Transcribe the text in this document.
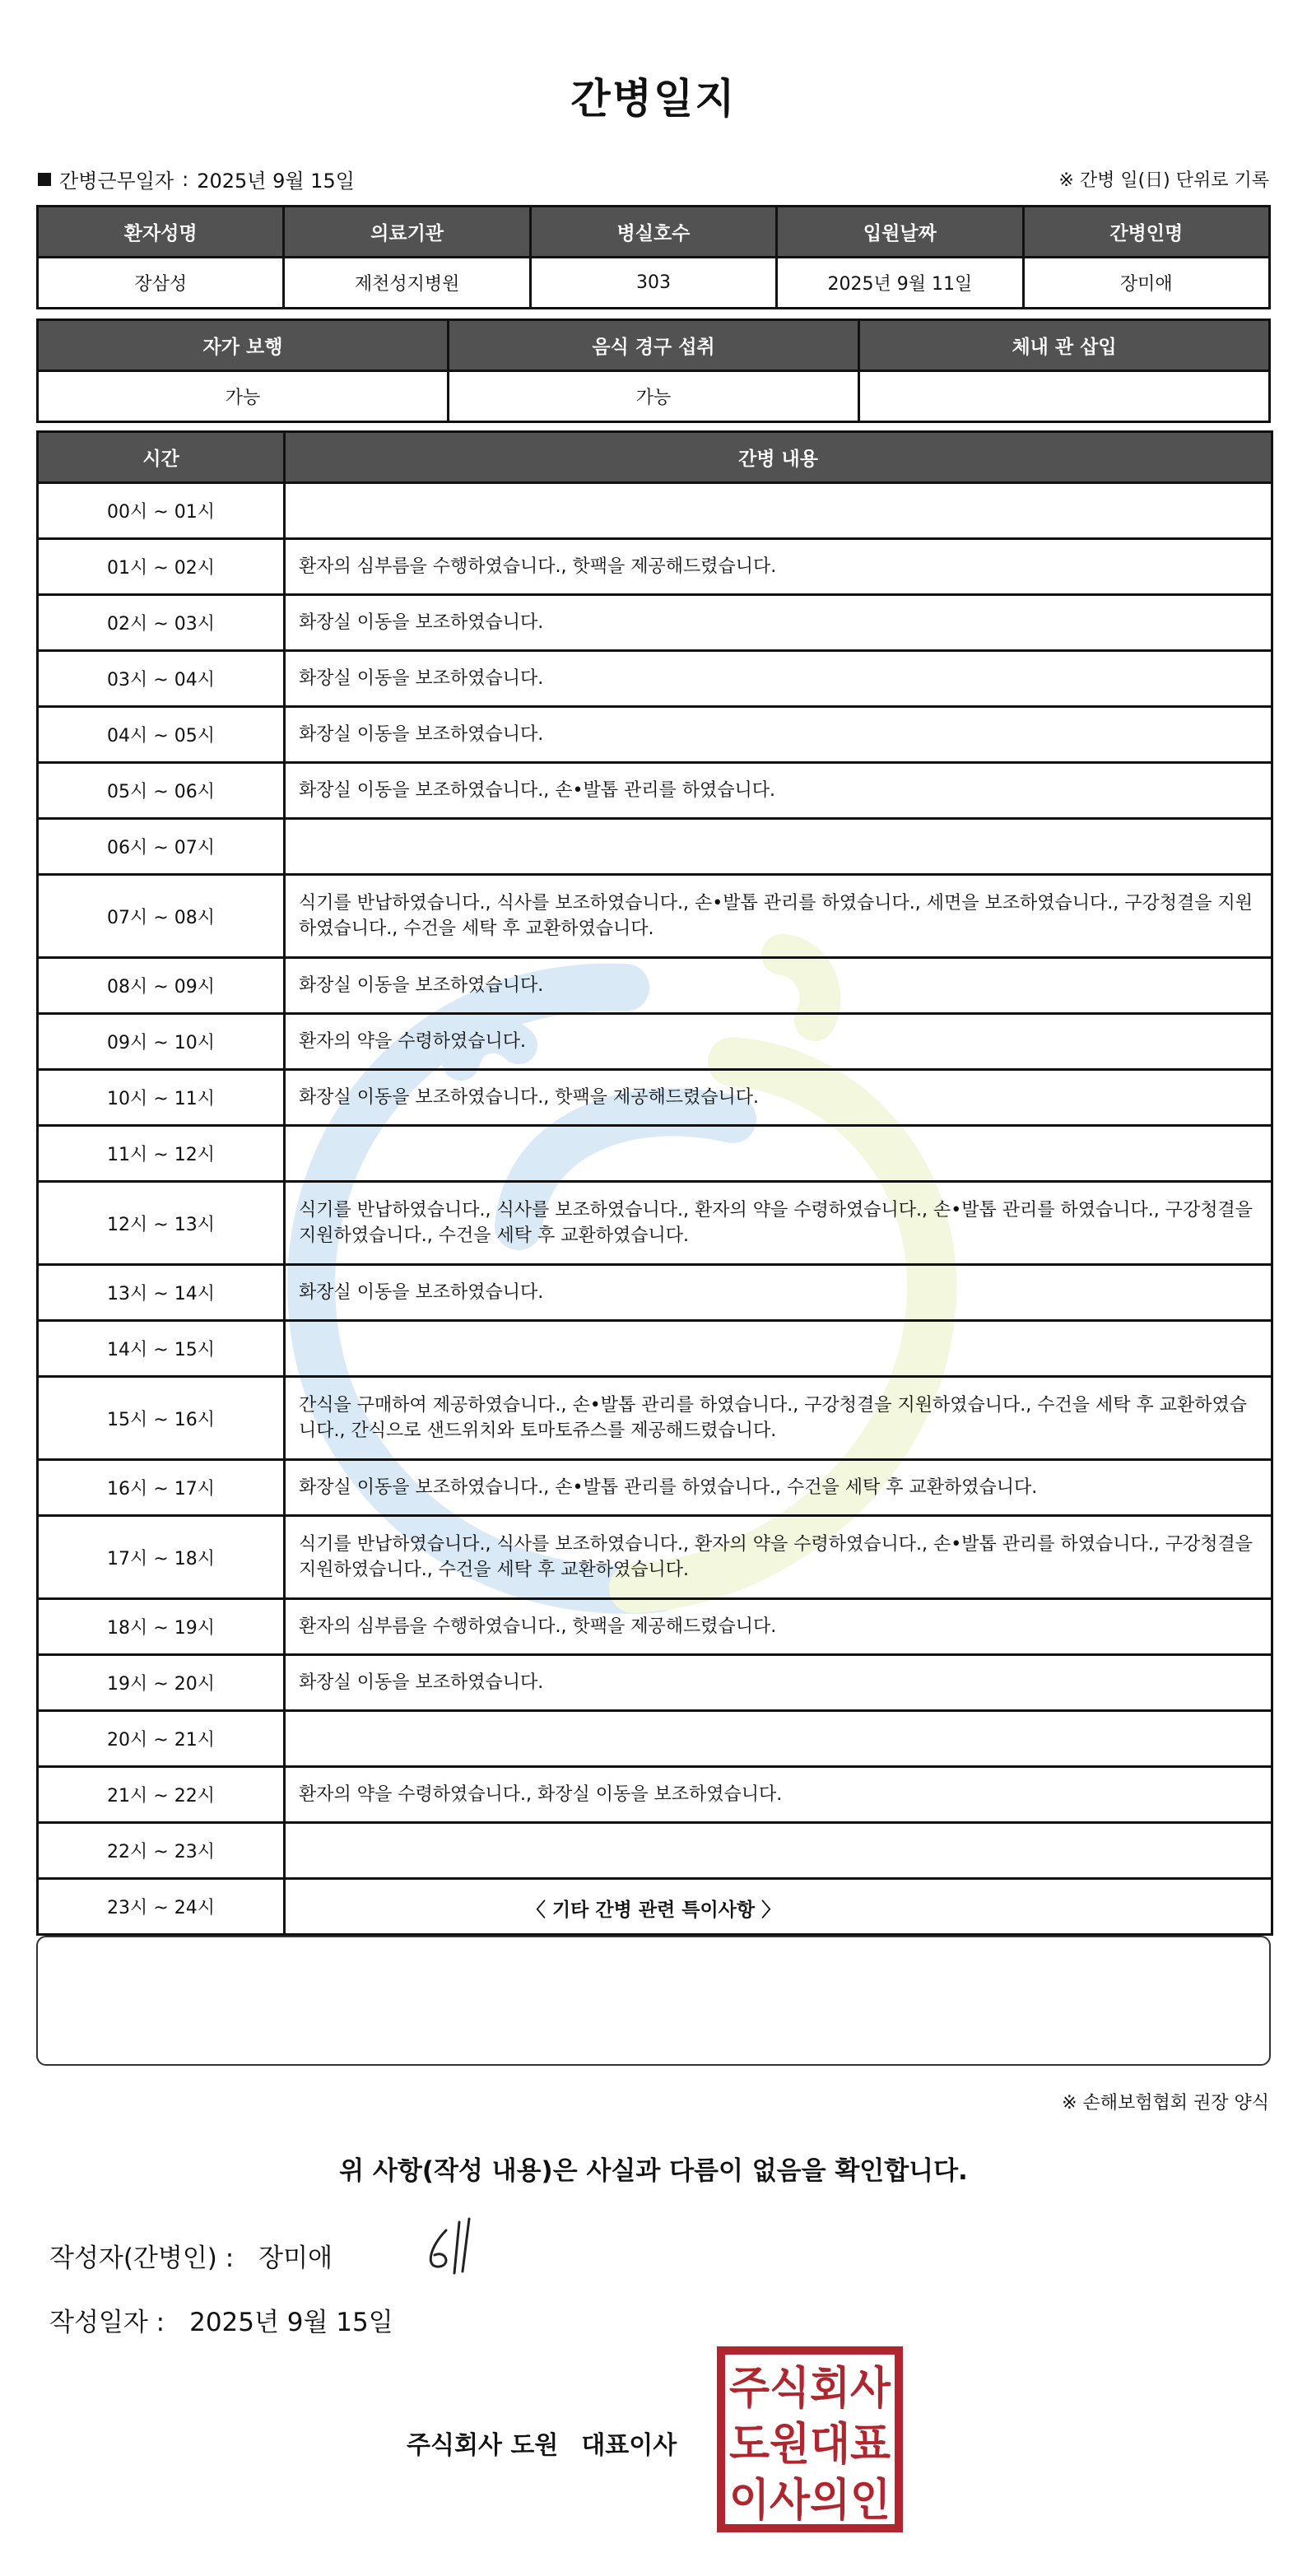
간병일지
간병근무일자 : 2025년 9월 15일	※ 간병 일(日) 단위로 기록
환자성명	의료기관	병실호수	입원날짜	간병인명
장삼성	제천성지병원	303	2025년 9월 11일	장미애
자가 보행	음식 경구 섭취	체내 관 삽입
가능	가능	
시간	간병 내용
00시 ~ 01시	
01시 ~ 02시	환자의 심부름을 수행하였습니다., 핫팩을 제공해드렸습니다.
02시 ~ 03시	화장실 이동을 보조하였습니다.
03시 ~ 04시	화장실 이동을 보조하였습니다.
04시 ~ 05시	화장실 이동을 보조하였습니다.
05시 ~ 06시	화장실 이동을 보조하였습니다., 손•발톱 관리를 하였습니다.
06시 ~ 07시	
07시 ~ 08시	식기를 반납하였습니다., 식사를 보조하였습니다., 손•발톱 관리를 하였습니다., 세면을 보조하였습니다., 구강청결을 지원하였습니다., 수건을 세탁 후 교환하였습니다.
08시 ~ 09시	화장실 이동을 보조하였습니다.
09시 ~ 10시	환자의 약을 수령하였습니다.
10시 ~ 11시	화장실 이동을 보조하였습니다., 핫팩을 제공해드렸습니다.
11시 ~ 12시	
12시 ~ 13시	식기를 반납하였습니다., 식사를 보조하였습니다., 환자의 약을 수령하였습니다., 손•발톱 관리를 하였습니다., 구강청결을 지원하였습니다., 수건을 세탁 후 교환하였습니다.
13시 ~ 14시	화장실 이동을 보조하였습니다.
14시 ~ 15시	
15시 ~ 16시	간식을 구매하여 제공하였습니다., 손•발톱 관리를 하였습니다., 구강청결을 지원하였습니다., 수건을 세탁 후 교환하였습니다., 간식으로 샌드위치와 토마토쥬스를 제공해드렸습니다.
16시 ~ 17시	화장실 이동을 보조하였습니다., 손•발톱 관리를 하였습니다., 수건을 세탁 후 교환하였습니다.
17시 ~ 18시	식기를 반납하였습니다., 식사를 보조하였습니다., 환자의 약을 수령하였습니다., 손•발톱 관리를 하였습니다., 구강청결을 지원하였습니다., 수건을 세탁 후 교환하였습니다.
18시 ~ 19시	환자의 심부름을 수행하였습니다., 핫팩을 제공해드렸습니다.
19시 ~ 20시	화장실 이동을 보조하였습니다.
20시 ~ 21시	
21시 ~ 22시	환자의 약을 수령하였습니다., 화장실 이동을 보조하였습니다.
22시 ~ 23시	
23시 ~ 24시		〈 기타 간병 관련 특이사항 〉
※ 손해보험협회 권장 양식
위 사항(작성 내용)은 사실과 다름이 없음을 확인합니다.
작성자(간병인) : 장미애
작성일자 : 2025년 9월 15일
주식회사 도원 대표이사
주식회사
도원대표
이사의인
